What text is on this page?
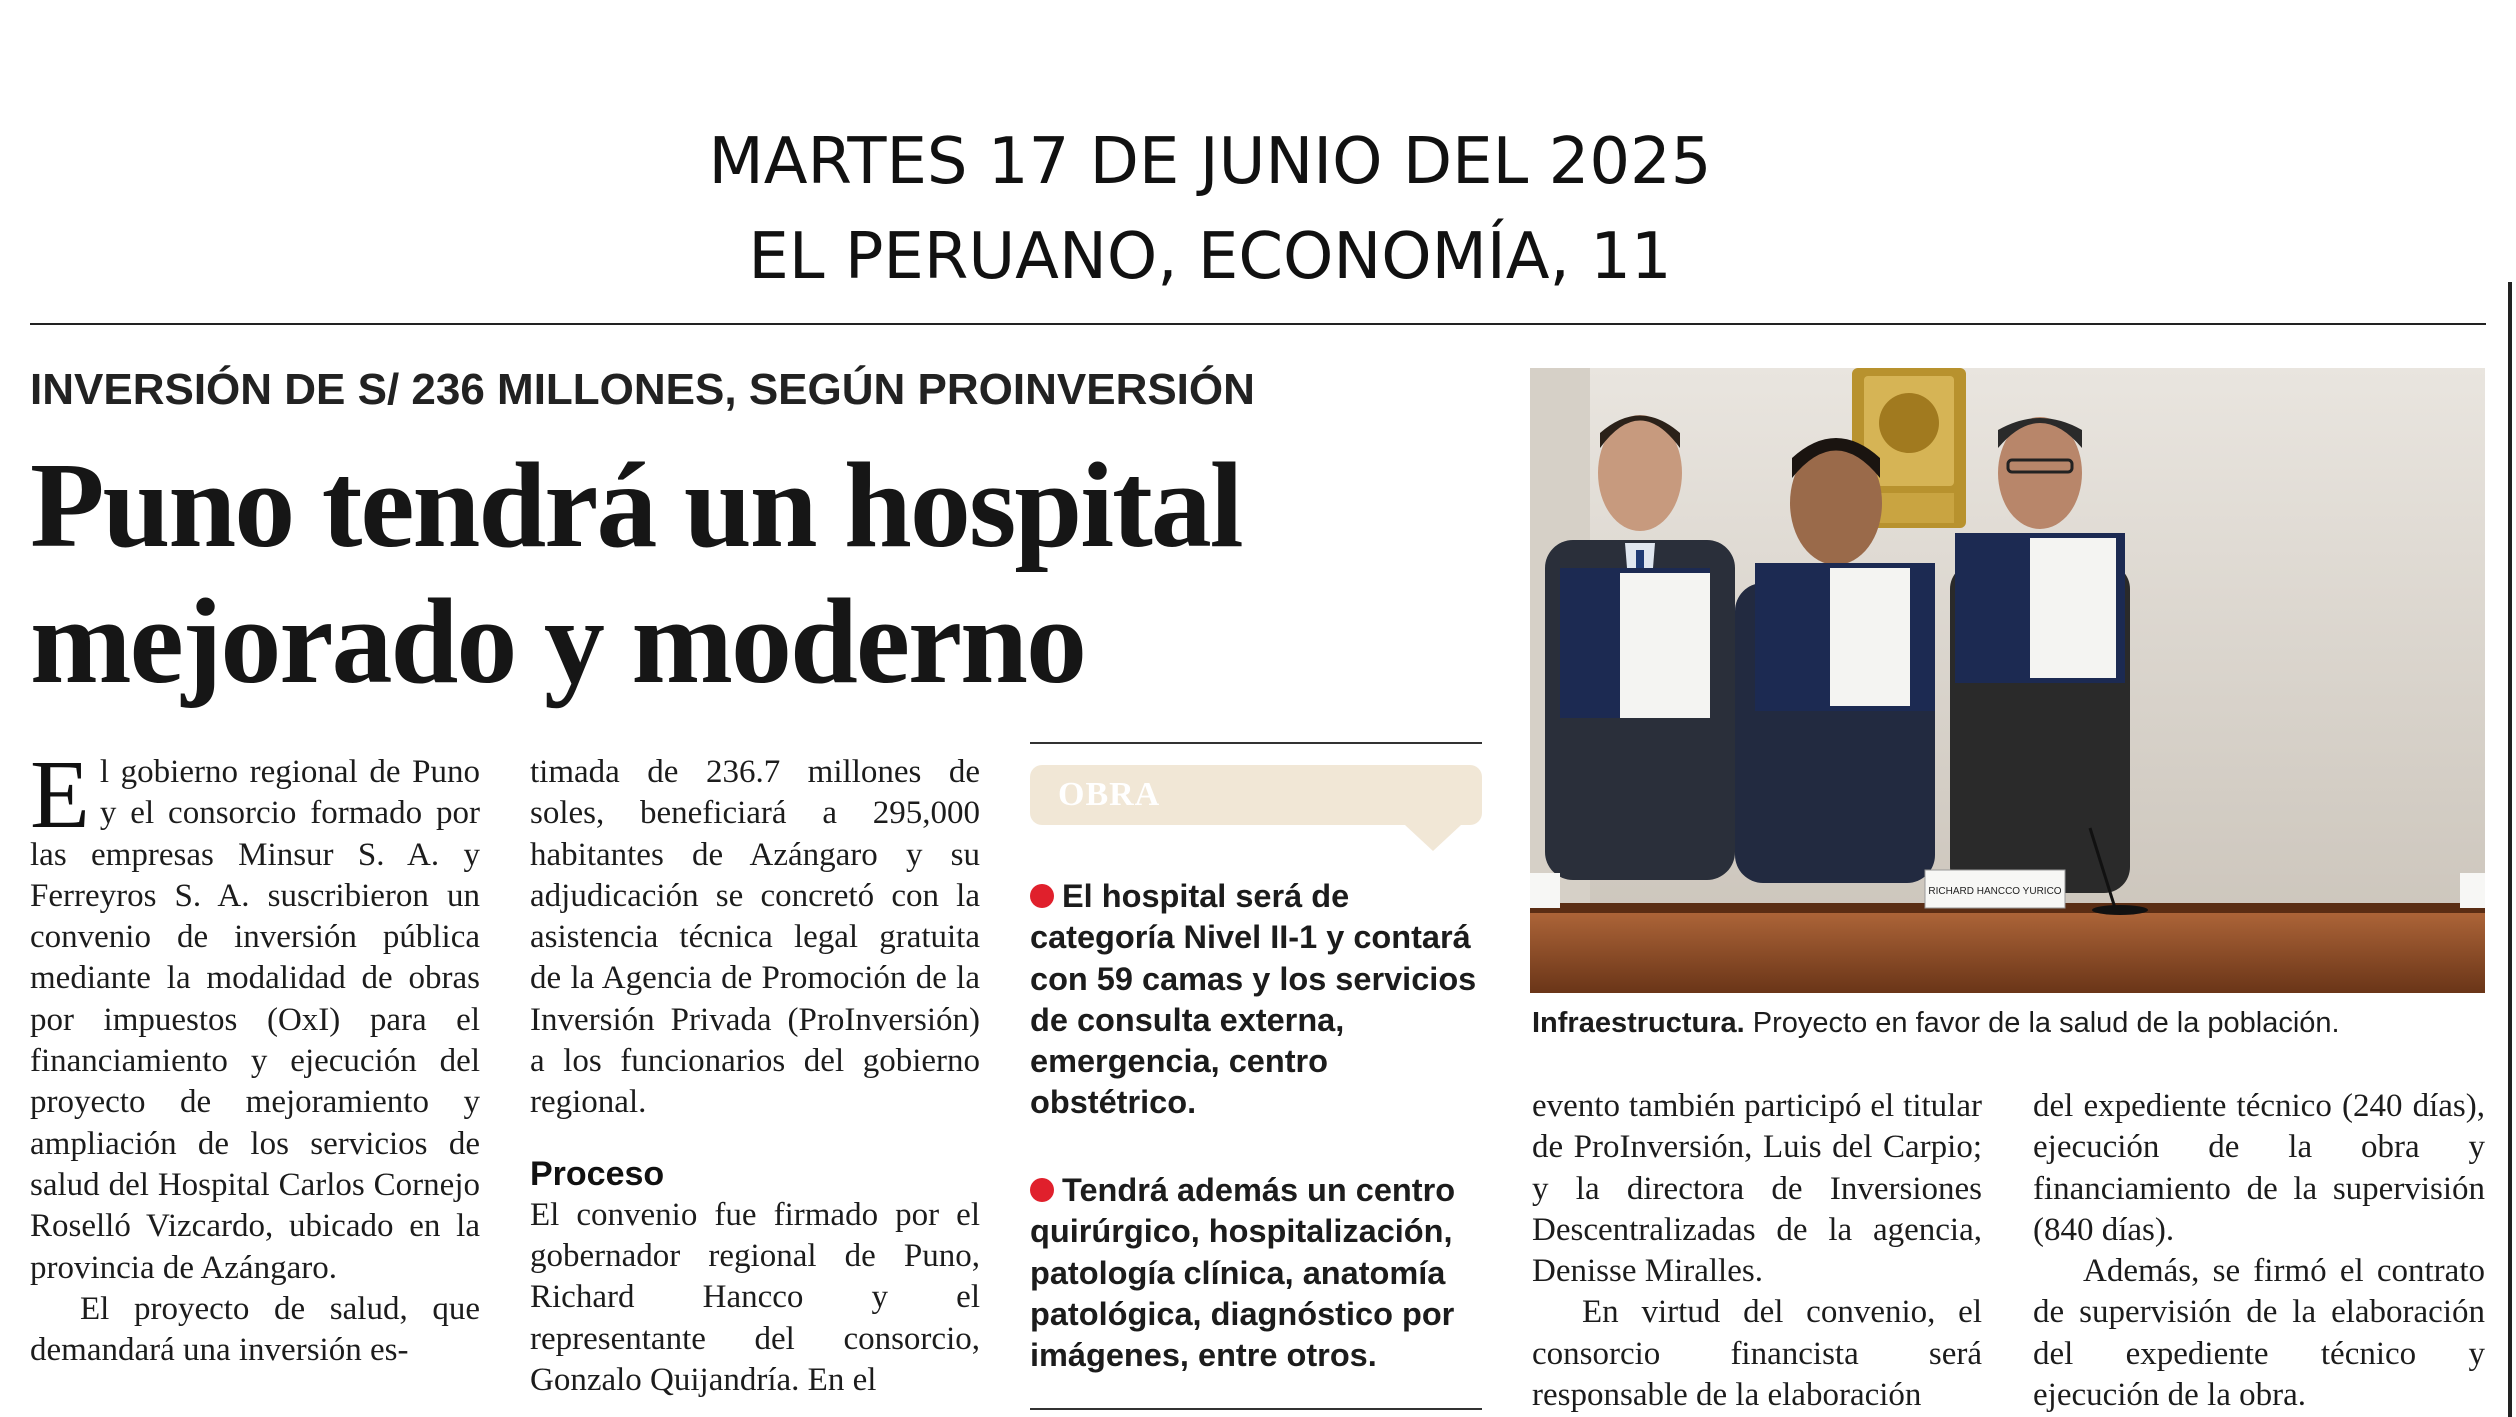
MARTES 17 DE JUNIO DEL 2025
EL PERUANO, ECONOMÍA, 11
INVERSIÓN DE S/ 236 MILLONES, SEGÚN PROINVERSIÓN
Puno tendrá un hospital
mejorado y moderno

El gobierno regional de Puno y el consorcio formado por las empresas Minsur S. A. y Ferreyros S. A. suscribieron un convenio de inversión pública mediante la modalidad de obras por impuestos (OxI) para el financiamiento y ejecución del proyecto de mejoramiento y ampliación de los servicios de salud del Hospital Carlos Cornejo Roselló Vizcardo, ubicado en la provincia de Azángaro.

El proyecto de salud, que demandará una inversión es-

timada de 236.7 millones de soles, beneficiará a 295,000 habitantes de Azángaro y su adjudicación se concretó con la asistencia técnica legal gratuita de la Agencia de Promoción de la Inversión Privada (ProInversión) a los funcionarios del gobierno regional.

Proceso

El convenio fue firmado por el gobernador regional de Puno, Richard Hancco y el representante del consorcio, Gonzalo Quijandría. En el

OBRA
El hospital será de categoría Nivel II-1 y contará con 59 camas y los servicios de consulta externa, emergencia, centro obstétrico.
Tendrá además un centro quirúrgico, hospitalización, patología clínica, anatomía patológica, diagnóstico por imágenes, entre otros.
RICHARD HANCCO YURICO
Infraestructura. Proyecto en favor de la salud de la población.

evento también participó el titular de ProInversión, Luis del Carpio; y la directora de Inversiones Descentralizadas de la agencia, Denisse Miralles.

En virtud del convenio, el consorcio financista será responsable de la elaboración

del expediente técnico (240 días), ejecución de la obra y financiamiento de la supervisión (840 días).

Además, se firmó el contrato de supervisión de la elaboración del expediente técnico y ejecución de la obra.
